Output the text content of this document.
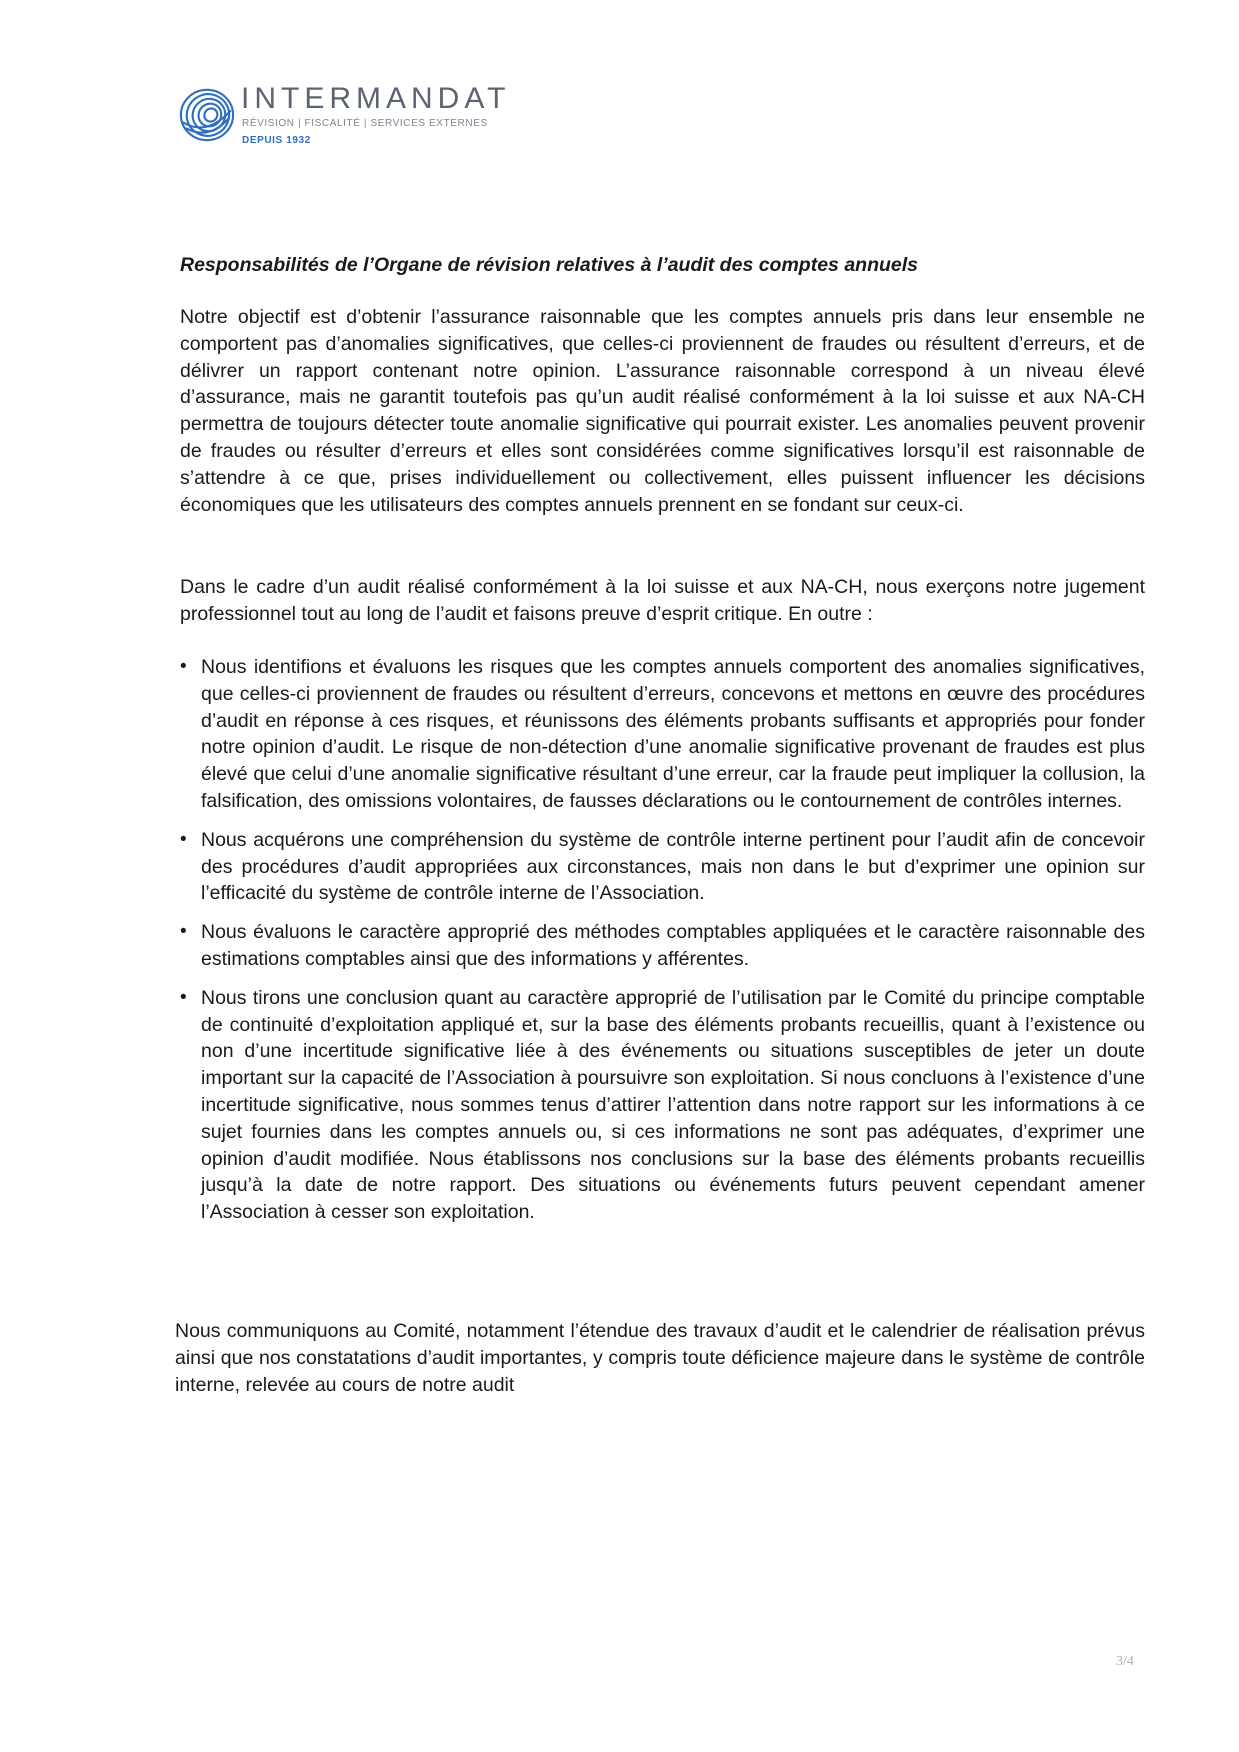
INTERMANDAT
RÉVISION | FISCALITÉ | SERVICES EXTERNES
DEPUIS 1932
Responsabilités de l’Organe de révision relatives à l’audit des comptes annuels

Notre objectif est d’obtenir l’assurance raisonnable que les comptes annuels pris dans leur ensemble ne comportent pas d’anomalies significatives, que celles-ci proviennent de fraudes ou résultent d’erreurs, et de délivrer un rapport contenant notre opinion. L’assurance raisonnable correspond à un niveau élevé d’assurance, mais ne garantit toutefois pas qu’un audit réalisé conformément à la loi suisse et aux NA-CH permettra de toujours détecter toute anomalie significative qui pourrait exister. Les anomalies peuvent provenir de fraudes ou résulter d’erreurs et elles sont considérées comme significatives lorsqu’il est raisonnable de s’attendre à ce que, prises individuellement ou collectivement, elles puissent influencer les décisions économiques que les utilisateurs des comptes annuels prennent en se fondant sur ceux-ci.

Dans le cadre d’un audit réalisé conformément à la loi suisse et aux NA-CH, nous exerçons notre jugement professionnel tout au long de l’audit et faisons preuve d’esprit critique. En outre :

• Nous identifions et évaluons les risques que les comptes annuels comportent des anomalies significatives, que celles-ci proviennent de fraudes ou résultent d’erreurs, concevons et mettons en œuvre des procédures d’audit en réponse à ces risques, et réunissons des éléments probants suffisants et appropriés pour fonder notre opinion d’audit. Le risque de non-détection d’une anomalie significative provenant de fraudes est plus élevé que celui d’une anomalie significative résultant d’une erreur, car la fraude peut impliquer la collusion, la falsification, des omissions volontaires, de fausses déclarations ou le contournement de contrôles internes.
• Nous acquérons une compréhension du système de contrôle interne pertinent pour l’audit afin de concevoir des procédures d’audit appropriées aux circonstances, mais non dans le but d’exprimer une opinion sur l’efficacité du système de contrôle interne de l’Association.
• Nous évaluons le caractère approprié des méthodes comptables appliquées et le caractère raisonnable des estimations comptables ainsi que des informations y afférentes.
• Nous tirons une conclusion quant au caractère approprié de l’utilisation par le Comité du principe comptable de continuité d’exploitation appliqué et, sur la base des éléments probants recueillis, quant à l’existence ou non d’une incertitude significative liée à des événements ou situations susceptibles de jeter un doute important sur la capacité de l’Association à poursuivre son exploitation. Si nous concluons à l’existence d’une incertitude significative, nous sommes tenus d’attirer l’attention dans notre rapport sur les informations à ce sujet fournies dans les comptes annuels ou, si ces informations ne sont pas adéquates, d’exprimer une opinion d’audit modifiée. Nous établissons nos conclusions sur la base des éléments probants recueillis jusqu’à la date de notre rapport. Des situations ou événements futurs peuvent cependant amener l’Association à cesser son exploitation.

Nous communiquons au Comité, notamment l’étendue des travaux d’audit et le calendrier de réalisation prévus ainsi que nos constatations d’audit importantes, y compris toute déficience majeure dans le système de contrôle interne, relevée au cours de notre audit

3/4
